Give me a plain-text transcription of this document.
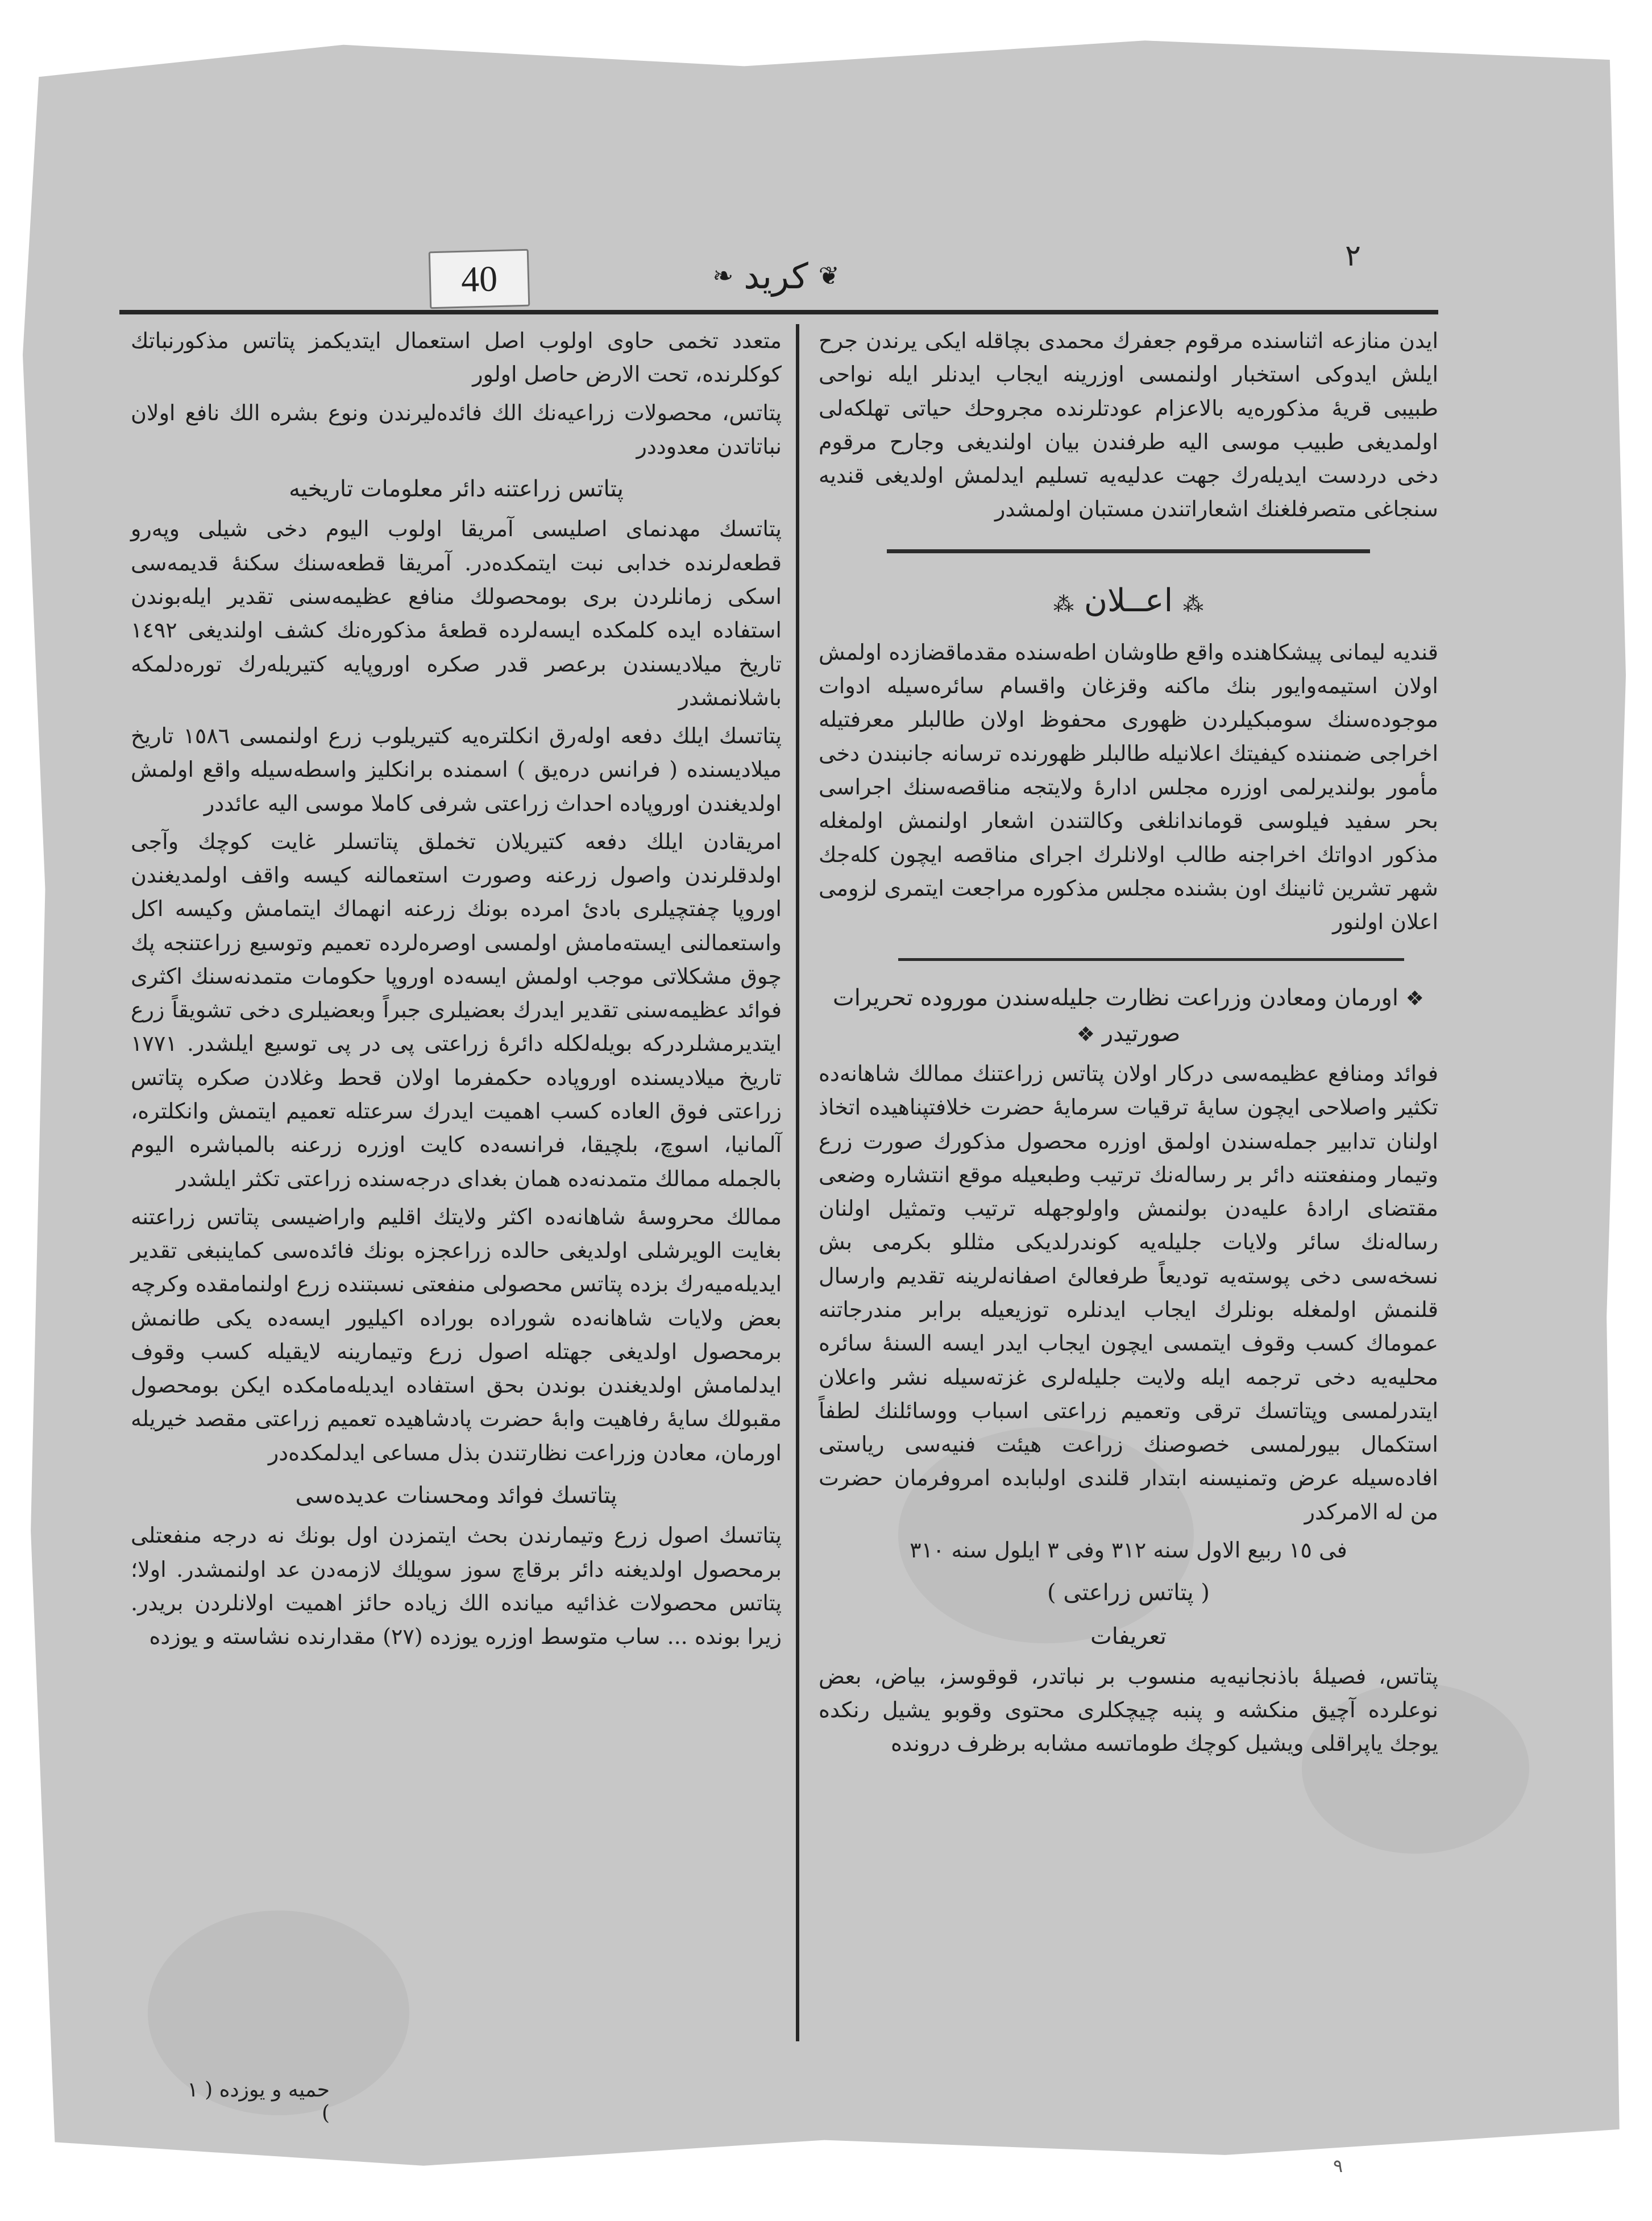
٢
40	❦
كريد
❧

ايدن منازعه اثناسنده مرقوم جعفرك محمدى بچاقله ايكى يرندن جرح ايلش ايدوكى استخبار اولنمسى اوزرينه ايجاب ايدنلر ايله نواحى طبيبى قريهٔ مذكوره‌يه بالاعزام عودتلرنده مجروحك حياتى تهلكه‌لى اولمديغى طبيب موسى اليه طرفندن بيان اولنديغى وجارح مرقوم دخى دردست ايديله‌رك جهت عدليه‌يه تسليم ايدلمش اولديغى قنديه سنجاغى متصرفلغنك اشعاراتندن مستبان اولمشدر

⁂ اعــلان ⁂

قنديه ليمانى پيشكاهنده واقع طاوشان اطه‌سنده مقدماقضازده اولمش اولان استيمه‌وايور بنك ماكنه وقزغان واقسام سائره‌سيله ادوات موجوده‌سنك سومبكيلردن ظهورى محفوظ اولان طالبلر معرفتيله اخراجى ضمننده كيفيتك اعلانيله طالبلر ظهورنده ترسانه جانبندن دخى مأمور بولنديرلمى اوزره مجلس ادارهٔ ولايتجه مناقصه‌سنك اجراسى بحر سفيد فيلوسى قوماندانلغى وكالتندن اشعار اولنمش اولمغله مذكور ادواتك اخراجنه طالب اولانلرك اجراى مناقصه ايچون كله‌جك شهر تشرين ثانينك اون بشنده مجلس مذكوره مراجعت ايتمرى لزومى اعلان اولنور

❖ اورمان ومعادن وزراعت نظارت جليله‌سندن موروده تحريرات صورتيدر ❖

فوائد ومنافع عظيمه‌سى دركار اولان پتاتس زراعتنك ممالك شاهانه‌ده تكثير واصلاحى ايچون سايهٔ ترقيات سرمايهٔ حضرت خلافتپناهيده اتخاذ اولنان تدابير جمله‌سندن اولمق اوزره محصول مذكورك صورت زرع وتيمار ومنفعتنه دائر بر رساله‌نك ترتيب وطبعيله موقع انتشاره وضعى مقتضاى ارادهٔ عليه‌دن بولنمش واولوجهله ترتيب وتمثيل اولنان رساله‌نك سائر ولايات جليله‌يه كوندرلديكى مثللو بكرمى بش نسخه‌سى دخى پوسته‌يه توديعاً طرفعالئ اصفانه‌لرينه تقديم وارسال قلنمش اولمغله بونلرك ايجاب ايدنلره توزيعيله برابر مندرجاتنه عموماك كسب وقوف ايتمسى ايچون ايجاب ايدر ايسه السنهٔ سائره محليه‌يه دخى ترجمه ايله ولايت جليله‌لرى غزته‌سيله نشر واعلان ايتدرلمسى وپتاتسك ترقى وتعميم زراعتى اسباب ووسائلنك لطفاً استكمال بيورلمسى خصوصنك زراعت هيئت فنيه‌سى رياستى افاده‌سيله عرض وتمنيسنه ابتدار قلندى اولبابده امروفرمان حضرت من له الامركدر

فى ١٥ ربيع الاول سنه ٣١٢ وفى ٣ ايلول سنه ٣١٠

( پتاتس زراعتى )
تعريفات

پتاتس، فصيلهٔ باذنجانيه‌يه منسوب بر نباتدر، قوقوسز، بياض، بعض نوعلرده آچيق منكشه و پنبه چيچكلرى محتوى وقوبو يشيل رنكده يوجك ياپراقلى ويشيل كوچك طوماتسه مشابه برظرف درونده

متعدد تخمى حاوى اولوب اصل استعمال ايتديكمز پتاتس مذكورنباتك كوكلرنده، تحت الارض حاصل اولور

پتاتس، محصولات زراعيه‌نك الك فائده‌ليرندن ونوع بشره الك نافع اولان نباتاتدن معدوددر

پتاتس زراعتنه دائر معلومات تاريخيه

پتاتسك مهدنماى اصليسى آمريقا اولوب اليوم دخى شيلى وپه‌رو قطعه‌لرنده خدابى نبت ايتمكده‌در. آمريقا قطعه‌سنك سكنهٔ قديمه‌سى اسكى زمانلردن برى بومحصولك منافع عظيمه‌سنى تقدير ايله‌بوندن استفاده ايده كلمكده ايسه‌لرده قطعهٔ مذكوره‌نك كشف اولنديغى ١٤٩٢ تاريخ ميلاديسندن برعصر قدر صكره اوروپايه كتيريله‌رك توره‌دلمكه باشلانمشدر

پتاتسك ايلك دفعه اوله‌رق انكلتره‌يه كتيريلوب زرع اولنمسى ١٥٨٦ تاريخ ميلاديسنده ( فرانس دره‌يق ) اسمنده برانكليز واسطه‌سيله واقع اولمش اولديغندن اوروپاده احداث زراعتى شرفى كاملا موسى اليه عائددر

امريقادن ايلك دفعه كتيريلان تخملق پتاتسلر غايت كوچك وآجى اولدقلرندن واصول زرعنه وصورت استعمالنه كيسه واقف اولمديغندن اوروپا چفتچيلرى بادئ امرده بونك زرعنه انهماك ايتمامش وكيسه اكل واستعمالنى ايسته‌مامش اولمسى اوصره‌لرده تعميم وتوسيع زراعتنجه پك چوق مشكلاتى موجب اولمش ايسه‌ده اوروپا حكومات متمدنه‌سنك اكثرى فوائد عظيمه‌سنى تقدير ايدرك بعضيلرى جبراً وبعضيلرى دخى تشويقاً زرع ايتديرمشلردركه بويله‌لكله دائرهٔ زراعتى پى در پى توسيع ايلشدر. ١٧٧١ تاريخ ميلاديسنده اوروپاده حكمفرما اولان قحط وغلادن صكره پتاتس زراعتى فوق العاده كسب اهميت ايدرك سرعتله تعميم ايتمش وانكلتره، آلمانيا، اسوچ، بلچيقا، فرانسه‌ده كايت اوزره زرعنه بالمباشره اليوم بالجمله ممالك متمدنه‌ده همان بغداى درجه‌سنده زراعتى تكثر ايلشدر

ممالك محروسهٔ شاهانه‌ده اكثر ولايتك اقليم واراضيسى پتاتس زراعتنه بغايت الويرشلى اولديغى حالده زراعجزه بونك فائده‌سى كماينبغى تقدير ايديله‌ميه‌رك بزده پتاتس محصولى منفعتى نسبتنده زرع اولنمامقده وكرچه بعض ولايات شاهانه‌ده شوراده بوراده اكيليور ايسه‌ده يكى طانمش برمحصول اولديغى جهتله اصول زرع وتيمارينه لايقيله كسب وقوف ايدلمامش اولديغندن بوندن بحق استفاده ايديله‌مامكده ايكن بومحصول مقبولك سايهٔ رفاهيت وابهٔ حضرت پادشاهيده تعميم زراعتى مقصد خيريله اورمان، معادن وزراعت نظارتندن بذل مساعى ايدلمكده‌در

پتاتسك فوائد ومحسنات عديده‌سى

پتاتسك اصول زرع وتيمارندن بحث ايتمزدن اول بونك نه درجه منفعتلى برمحصول اولديغنه دائر برقاچ سوز سويلك لازمه‌دن عد اولنمشدر. اولا؛ پتاتس محصولات غذائيه ميانده الك زياده حائز اهميت اولانلردن بريدر. زيرا بونده ... ساب متوسط اوزره يوزده (٢٧) مقدارنده نشاسته و يوزده

حميه و يوزده ( ١ )
٩
